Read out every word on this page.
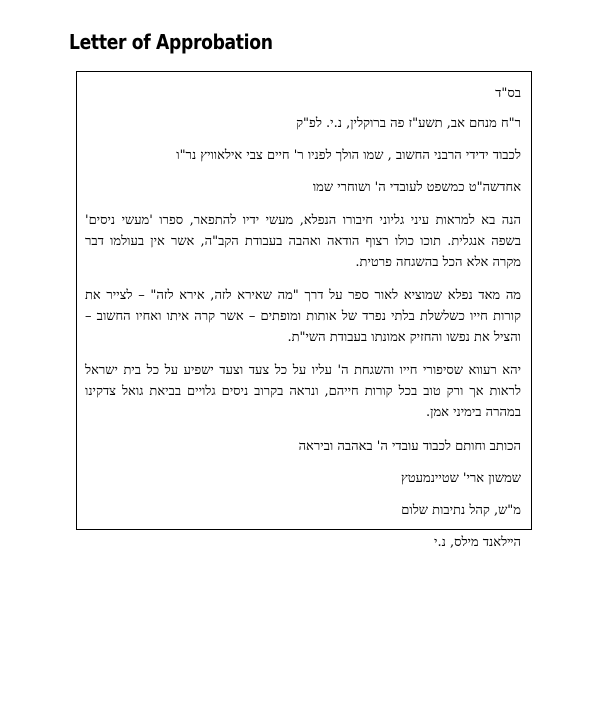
Letter of Approbation
בס"ד
ר"ח מנחם אב, תשע"ז פה ברוקלין, נ.י. לפ"ק
לכבוד ידידי הרבני החשוב , שמו הולך לפניו ר' חיים צבי אילאוויץ נר"ו
אחדשה"ט כמשפט לעובדי ה' ושוחרי שמו

הנה בא למראות עיני גליוני חיבורו הנפלא, מעשי ידיו להתפאר, ספרו 'מעשי ניסים' בשפה אנגלית. תוכו כולו רצוף הודאה ואהבה בעבודת הקב"ה, אשר אין בעולמו דבר מקרה אלא הכל בהשגחה פרטית.

מה מאד נפלא שמוציא לאור ספר על דרך "מה שאירא לזה, אירא לזה" – לצייר את קורות חייו כשלשלת בלתי נפרד של אותות ומופתים – אשר קרה איתו ואחיו החשוב – והציל את נפשו והחזיק אמונתו בעבודת השי"ת.

יהא רעווא שסיפורי חייו והשגחת ה' עליו על כל צעד וצעד ישפיע על כל בית ישראל לראות אך ורק טוב בכל קורות חייהם, ונראה בקרוב ניסים גלויים בביאת גואל צדקינו במהרה בימיני אמן.

הכותב וחותם לכבוד עובדי ה' באהבה וביראה
שמשון ארי' שטיינמעטץ
מ"ש, קהל נתיבות שלום
הײלאנד מילס, נ.י
